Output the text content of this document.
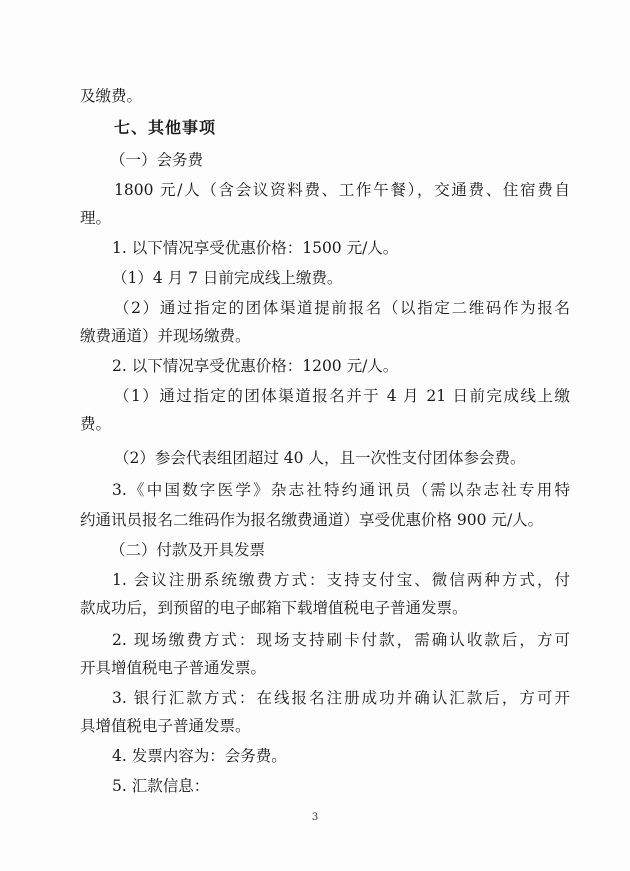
及缴费。
七、其他事项
（一）会务费
1800 元/人（含会议资料费、工作午餐），交通费、住宿费自
理。
1. 以下情况享受优惠价格：1500 元/人。
（1）4 月 7 日前完成线上缴费。
（2）通过指定的团体渠道提前报名（以指定二维码作为报名
缴费通道）并现场缴费。
2. 以下情况享受优惠价格：1200 元/人。
（1）通过指定的团体渠道报名并于 4 月 21 日前完成线上缴
费。
（2）参会代表组团超过 40 人，且一次性支付团体参会费。
3.《中国数字医学》杂志社特约通讯员（需以杂志社专用特
约通讯员报名二维码作为报名缴费通道）享受优惠价格 900 元/人。
（二）付款及开具发票
1. 会议注册系统缴费方式：支持支付宝、微信两种方式，付
款成功后，到预留的电子邮箱下载增值税电子普通发票。
2. 现场缴费方式：现场支持刷卡付款，需确认收款后，方可
开具增值税电子普通发票。
3. 银行汇款方式：在线报名注册成功并确认汇款后，方可开
具增值税电子普通发票。
4. 发票内容为：会务费。
5. 汇款信息：
3
